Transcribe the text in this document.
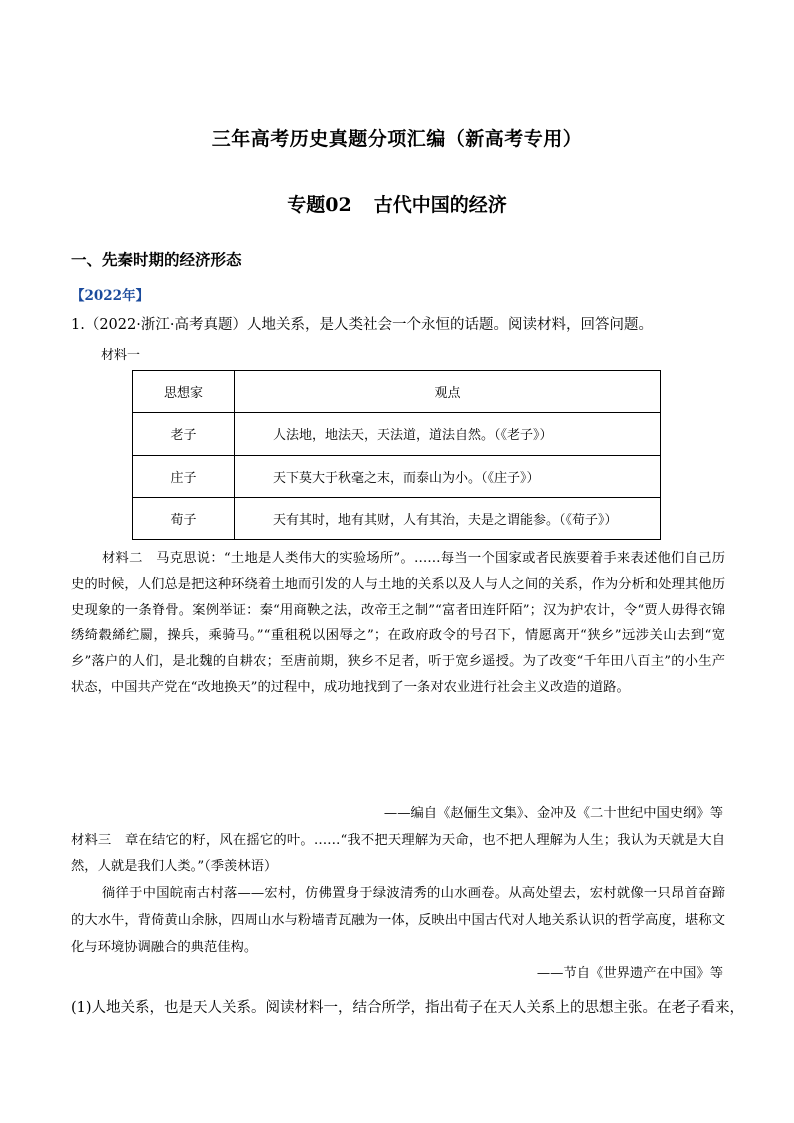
三年高考历史真题分项汇编（新高考专用）
专题02 古代中国的经济
一、先秦时期的经济形态
【2022年】
1.（2022·浙江·高考真题）人地关系，是人类社会一个永恒的话题。阅读材料，回答问题。
材料一
思想家	观点
老子	人法地，地法天，天法道，道法自然。（《老子》）
庄子	天下莫大于秋毫之末，而泰山为小。（《庄子》）
荀子	天有其时，地有其财，人有其治，夫是之谓能参。（《荀子》）
材料二　马克思说：“土地是人类伟大的实验场所”。……每当一个国家或者民族要着手来表述他们自己历史的时候，人们总是把这种环绕着土地而引发的人与土地的关系以及人与人之间的关系，作为分析和处理其他历史现象的一条脊骨。案例举证：秦“用商鞅之法，改帝王之制”“富者田连阡陌”；汉为护农计，令“贾人毋得衣锦绣绮縠絺纻罽，操兵，乘骑马。”“重租税以困辱之”；在政府政令的号召下，情愿离开“狭乡”远涉关山去到“宽乡”落户的人们，是北魏的自耕农；至唐前期，狭乡不足者，听于宽乡遥授。为了改变“千年田八百主”的小生产状态，中国共产党在“改地换天”的过程中，成功地找到了一条对农业进行社会主义改造的道路。
——编自《赵俪生文集》、金冲及《二十世纪中国史纲》等
材料三　章在结它的籽，风在摇它的叶。……“我不把天理解为天命，也不把人理解为人生；我认为天就是大自然，人就是我们人类。”（季羡林语）
徜徉于中国皖南古村落——宏村，仿佛置身于绿波清秀的山水画卷。从高处望去，宏村就像一只昂首奋蹄的大水牛，背倚黄山余脉，四周山水与粉墙青瓦融为一体，反映出中国古代对人地关系认识的哲学高度，堪称文化与环境协调融合的典范佳构。
——节自《世界遗产在中国》等
(1)人地关系，也是天人关系。阅读材料一，结合所学，指出荀子在天人关系上的思想主张。在老子看来，
